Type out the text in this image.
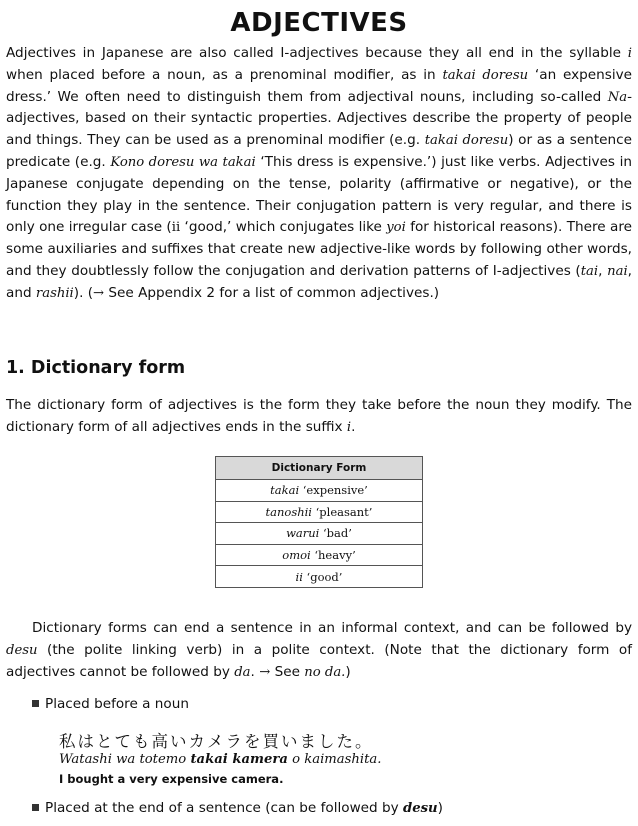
ADJECTIVES

Adjectives in Japanese are also called I-adjectives because they all end in the syllable i when placed before a noun, as a prenominal modifier, as in takai doresu ‘an expensive dress.’ We often need to distinguish them from adjectival nouns, including so-called Na-adjectives, based on their syntactic properties. Adjectives describe the property of people and things. They can be used as a prenominal modifier (e.g. takai doresu) or as a sentence predicate (e.g. Kono doresu wa takai ‘This dress is expensive.’) just like verbs. Adjectives in Japanese conjugate depending on the tense, polarity (affirmative or negative), or the function they play in the sentence. Their conjugation pattern is very regular, and there is only one irregular case (ii ‘good,’ which conjugates like yoi for historical reasons). There are some auxiliaries and suffixes that create new adjective-like words by following other words, and they doubtlessly follow the conjugation and derivation patterns of I-adjectives (tai, nai, and rashii). (→ See Appendix 2 for a list of common adjectives.)

1. Dictionary form

The dictionary form of adjectives is the form they take before the noun they modify. The dictionary form of all adjectives ends in the suffix i.

Dictionary Form
takai ‘expensive’
tanoshii ‘pleasant’
warui ‘bad’
omoi ‘heavy’
ii ‘good’

Dictionary forms can end a sentence in an informal context, and can be followed by desu (the polite linking verb) in a polite context. (Note that the dictionary form of adjectives cannot be followed by da. → See no da.)

Placed before a noun
私はとても高いカメラを買いました。
Watashi wa totemo takai kamera o kaimashita.
I bought a very expensive camera.
Placed at the end of a sentence (can be followed by desu)
